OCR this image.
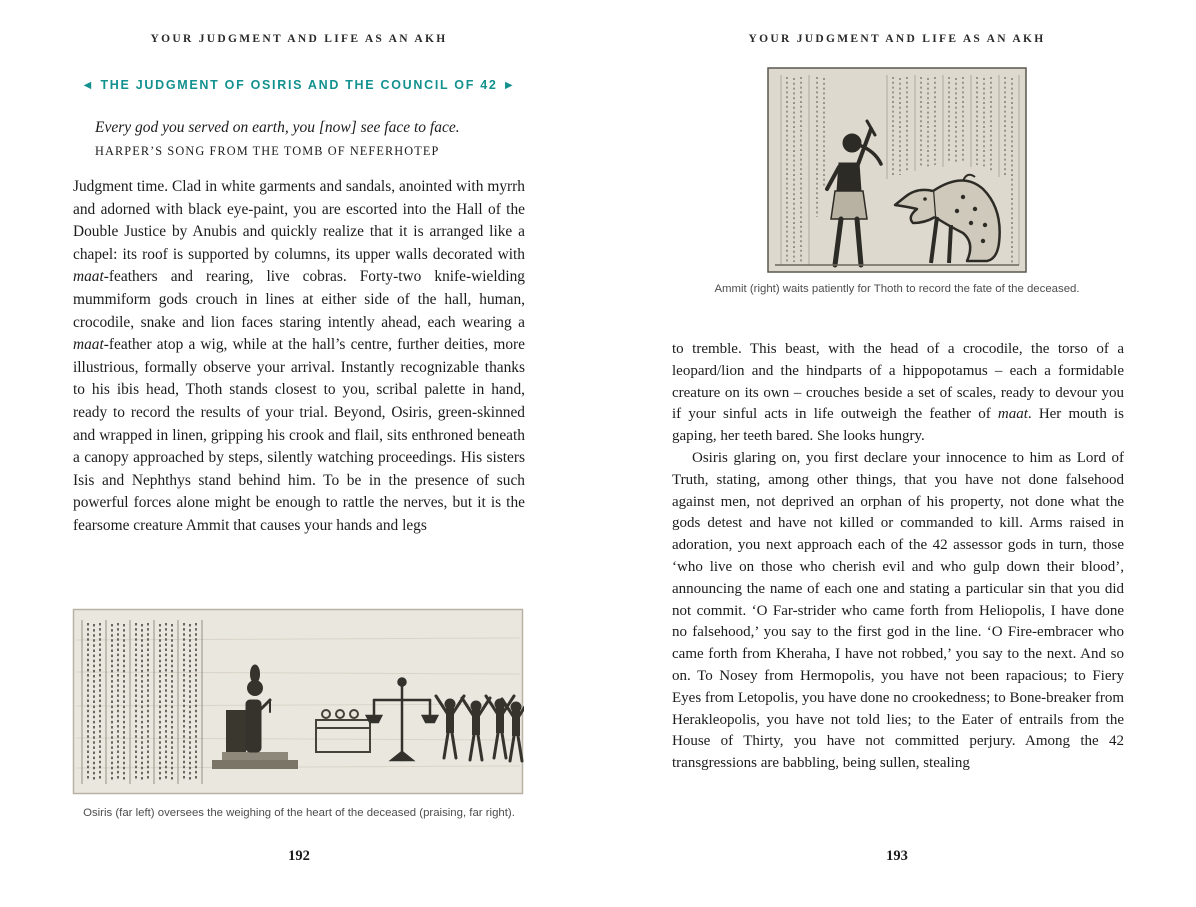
YOUR JUDGMENT AND LIFE AS AN AKH
◄ THE JUDGMENT OF OSIRIS AND THE COUNCIL OF 42 ►
Every god you served on earth, you [now] see face to face.
HARPER’S SONG FROM THE TOMB OF NEFERHOTEP

Judgment time. Clad in white garments and sandals, anointed with myrrh and adorned with black eye-paint, you are escorted into the Hall of the Double Justice by Anubis and quickly realize that it is arranged like a chapel: its roof is supported by columns, its upper walls decorated with maat-feathers and rearing, live cobras. Forty-two knife-wielding mummiform gods crouch in lines at either side of the hall, human, crocodile, snake and lion faces staring intently ahead, each wearing a maat-feather atop a wig, while at the hall’s centre, further deities, more illustrious, formally observe your arrival. Instantly recognizable thanks to his ibis head, Thoth stands closest to you, scribal palette in hand, ready to record the results of your trial. Beyond, Osiris, green-skinned and wrapped in linen, gripping his crook and flail, sits enthroned beneath a canopy approached by steps, silently watching proceedings. His sisters Isis and Nephthys stand behind him. To be in the presence of such powerful forces alone might be enough to rattle the nerves, but it is the fearsome creature Ammit that causes your hands and legs

Osiris (far left) oversees the weighing of the heart of the deceased (praising, far right).
192
YOUR JUDGMENT AND LIFE AS AN AKH
Ammit (right) waits patiently for Thoth to record the fate of the deceased.

to tremble. This beast, with the head of a crocodile, the torso of a leopard/lion and the hindparts of a hippopotamus – each a formidable creature on its own – crouches beside a set of scales, ready to devour you if your sinful acts in life outweigh the feather of maat. Her mouth is gaping, her teeth bared. She looks hungry.

Osiris glaring on, you first declare your innocence to him as Lord of Truth, stating, among other things, that you have not done falsehood against men, not deprived an orphan of his property, not done what the gods detest and have not killed or commanded to kill. Arms raised in adoration, you next approach each of the 42 assessor gods in turn, those ‘who live on those who cherish evil and who gulp down their blood’, announcing the name of each one and stating a particular sin that you did not commit. ‘O Far-strider who came forth from Heliopolis, I have done no falsehood,’ you say to the first god in the line. ‘O Fire-embracer who came forth from Kheraha, I have not robbed,’ you say to the next. And so on. To Nosey from Hermopolis, you have not been rapacious; to Fiery Eyes from Letopolis, you have done no crookedness; to Bone-breaker from Herakleopolis, you have not told lies; to the Eater of entrails from the House of Thirty, you have not committed perjury. Among the 42 transgressions are babbling, being sullen, stealing

193
